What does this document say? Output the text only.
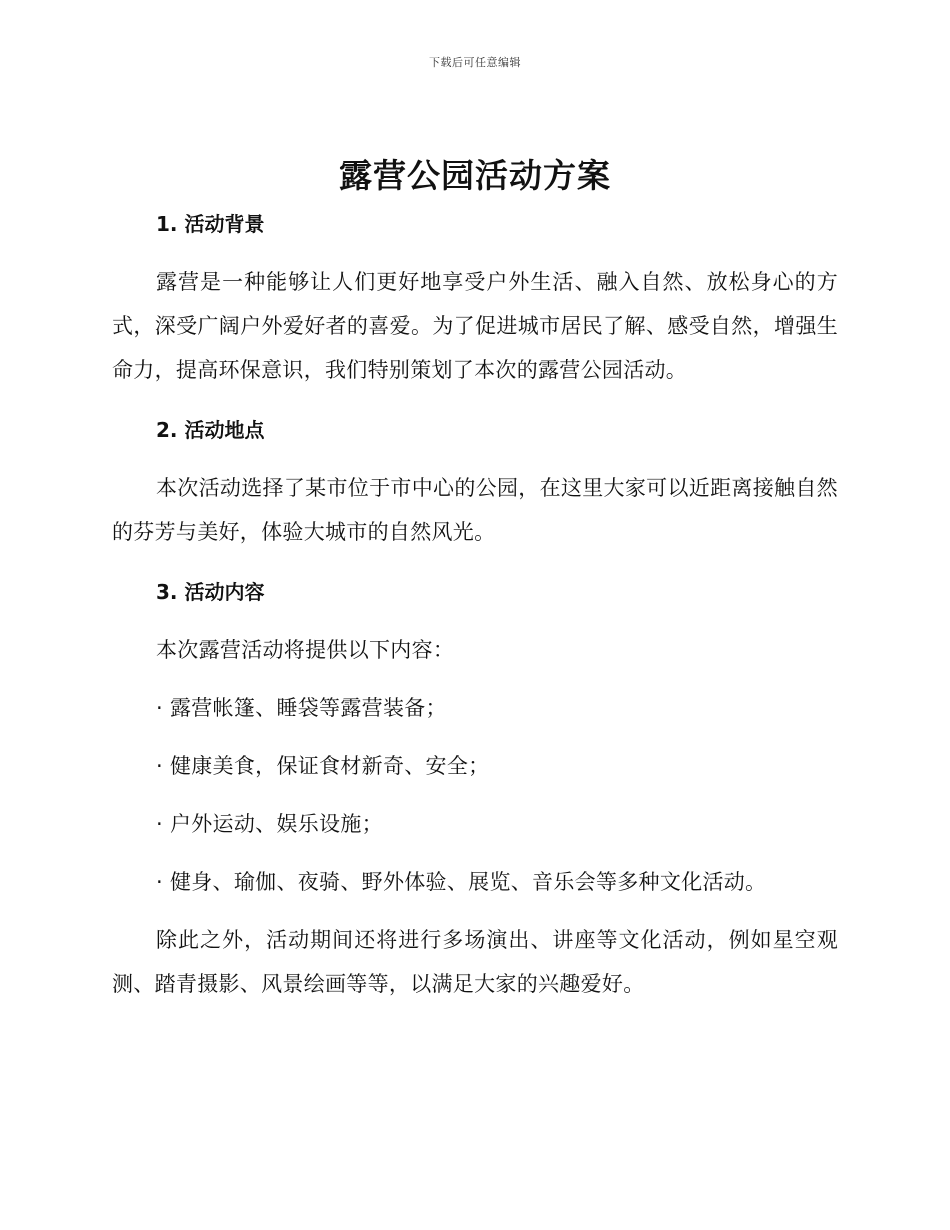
下载后可任意编辑
露营公园活动方案
1. 活动背景

露营是一种能够让人们更好地享受户外生活、融入自然、放松身心的方式，深受广阔户外爱好者的喜爱。为了促进城市居民了解、感受自然，增强生命力，提高环保意识，我们特别策划了本次的露营公园活动。

2. 活动地点

本次活动选择了某市位于市中心的公园，在这里大家可以近距离接触自然的芬芳与美好，体验大城市的自然风光。

3. 活动内容

本次露营活动将提供以下内容：

· 露营帐篷、睡袋等露营装备；

· 健康美食，保证食材新奇、安全；

· 户外运动、娱乐设施；

· 健身、瑜伽、夜骑、野外体验、展览、音乐会等多种文化活动。

除此之外，活动期间还将进行多场演出、讲座等文化活动，例如星空观测、踏青摄影、风景绘画等等，以满足大家的兴趣爱好。
